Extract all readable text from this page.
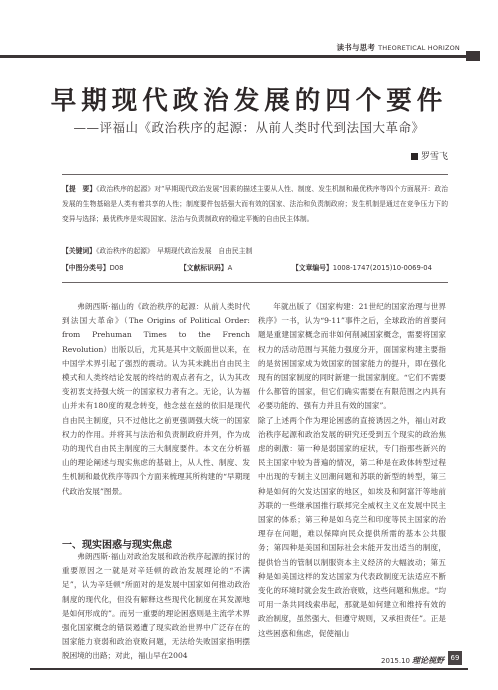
读书与思考 THEORETICAL HORIZON
早期现代政治发展的四个要件
——评福山《政治秩序的起源：从前人类时代到法国大革命》
罗雪飞
【提　要】《政治秩序的起源》对“早期现代政治发展”因素的描述主要从人性、制度、发生机制和最优秩序等四个方面展开：政治发展的生物基础是人类有着共享的人性；制度要件包括强大而有效的国家、法治和负责制政府；发生机制是通过在竞争压力下的变异与选择；最优秩序是实现国家、法治与负责制政府的稳定平衡的自由民主体制。
【关键词】《政治秩序的起源》　早期现代政治发展　自由民主制
【中图分类号】D08	【文献标识码】A	【文章编号】1008-1747(2015)10-0069-04

弗朗西斯·福山的《政治秩序的起源：从前人类时代到法国大革命》（The Origins of Political Order: from Prehuman Times to the French Revolution）出版以后，尤其是其中文版面世以来，在中国学术界引起了强烈的震动。认为其未跳出自由民主模式和人类终结论发展的终结的观点者有之，认为其改变初衷支持强大统一的国家权力者有之。无论，认为福山并未有180度的观念转变，他念兹在兹的依旧是现代自由民主制度，只不过他比之前更强调强大统一的国家权力的作用。并将其与法治和负责制政府并列，作为成功的现代自由民主制度的三大制度要件。本文在分析福山的理论阐述与现实焦虑的基础上，从人性、制度、发生机制和最优秩序等四个方面来梳理其所构建的“早期现代政治发展”图景。

一、现实困惑与现实焦虑

弗朗西斯·福山对政治发展和政治秩序起源的探讨的重要原因之一就是对辛廷顿的政治发展理论的“不满足”，认为辛廷顿“所面对的是发展中国家如何推动政治制度的现代化，但没有解释这些现代化制度在其发源地是如何形成的”。而另一重要的理论困惑则是主流学术界强化国家概念的错误遏遭了现实政治世界中广泛存在的国家能力衰弱和政治衰败问题，无法给失败国家指明摆脱困境的出路；对此，福山早在2004

年就出版了《国家构建：21世纪的国家治理与世界秩序》一书，认为“9·11”事件之后，全球政治的首要问题是重建国家概念而非如何削减国家概念，需要将国家权力的活动范围与其能力强度分开，面国家构建主要指的是贫困国家成为效国家的国家能力的提升，即在强化现有的国家制度的同时新建一批国家制度。“它们不需要什么都管的国家，但它们确实需要在有限范围之内具有必要功能的、强有力并且有效的国家”。
除了上述两个作为理论困惑的直接诱因之外，福山对政治秩序起源和政治发展的研究还受到五个现实的政治焦虑的刺激：第一种是弱国家的症状，专门指那些新兴的民主国家中较为普遍的情况，第二种是在政体转型过程中出现的专制主义回潮问题和苏联的新型的转型，第三种是如何的欠发达国家的地区，如埃及和阿富汗等地前苏联的一些继承国推行联邦完全威权主义在发展中民主国家的体系；第三种是如乌克兰和印度等民主国家的治理存在问题，难以保障向民众提供所需的基本公共服务；第四种是美国和国际社会未能开发出适当的制度，提供恰当的管制以制服资本主义经济的大幅波动；第五种是如美国这样的发达国家为代表政制度无法适应不断变化的环境时就会发生政治衰败，这些问题和焦虑。“均可用一条共同线索串起，那就是如何建立和维持有效的政治制度，虽然强大、但遵守规则，又承担责任”。正是这些困惑和焦虑，促使福山

2015.10 理论视野 69
